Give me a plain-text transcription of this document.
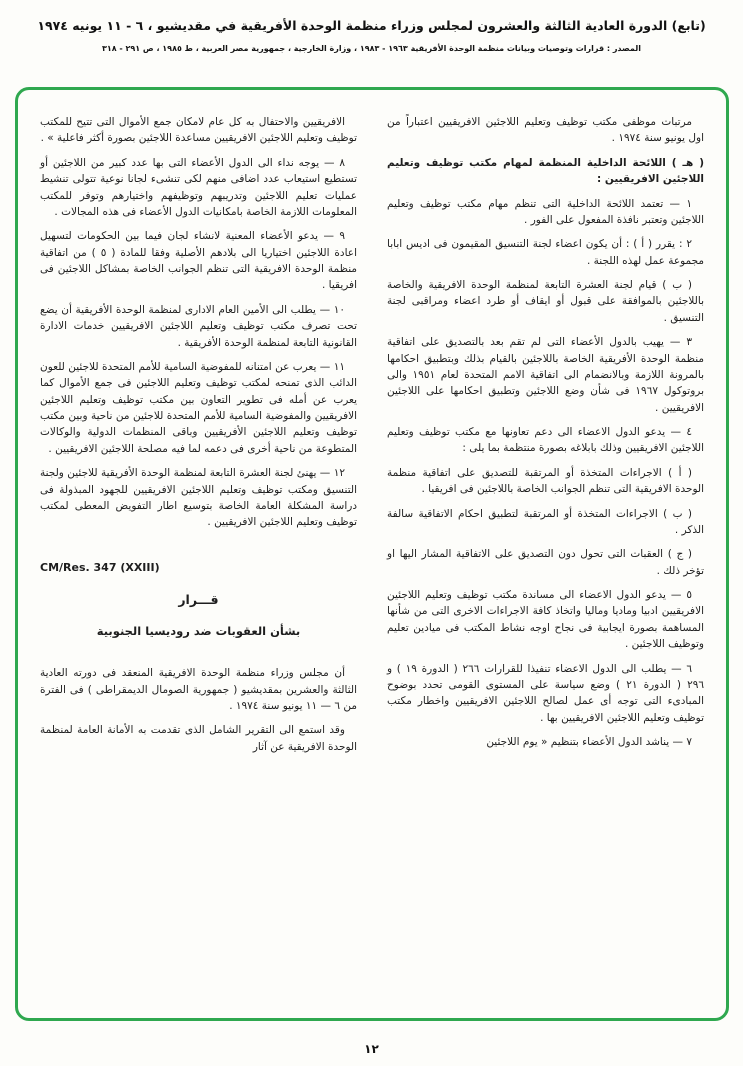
(تابع) الدورة العادية الثالثة والعشرون لمجلس وزراء منظمة الوحدة الأفريقية في مقديشيو ، ٦ - ١١ يونيه ١٩٧٤
المصدر : قرارات وتوصيات وبيانات منظمة الوحدة الأفريقية ١٩٦٣ - ١٩٨٣ ، وزارة الخارجية ، جمهورية مصر العربية ، ط ١٩٨٥ ، ص ٢٩١ - ٣١٨

مرتبات موظفى مكتب توظيف وتعليم اللاجئين الافريقيين اعتباراً من اول يونيو سنة ١٩٧٤ .

( هـ ) اللائحة الداخلية المنظمة لمهام مكتب توظيف وتعليم اللاجئين الافريقيين :

١ — تعتمد اللائحة الداخلية التى تنظم مهام مكتب توظيف وتعليم اللاجئين وتعتبر نافذة المفعول على الفور .

٢ : يقرر ( أ ) : أن يكون اعضاء لجنة التنسيق المقيمون فى اديس ابابا مجموعة عمل لهذه اللجنة .

( ب ) قيام لجنة العشرة التابعة لمنظمة الوحدة الافريقية والخاصة باللاجئين بالموافقة على قبول أو ايقاف أو طرد اعضاء ومراقبى لجنة التنسيق .

٣ — يهيب بالدول الأعضاء التى لم تقم بعد بالتصديق على اتفاقية منظمة الوحدة الأفريقية الخاصة باللاجئين بالقيام بذلك وبتطبيق احكامها بالمرونة اللازمة وبالانضمام الى اتفاقية الامم المتحدة لعام ١٩٥١ والى بروتوكول ١٩٦٧ فى شأن وضع اللاجئين وتطبيق احكامها على اللاجئين الافريقيين .

٤ — يدعو الدول الاعضاء الى دعم تعاونها مع مكتب توظيف وتعليم اللاجئين الافريقيين وذلك بابلاغه بصورة منتظمة بما يلى :

( أ ) الاجراءات المتخذة أو المرتقبة للتصديق على اتفاقية منظمة الوحدة الافريقية التى تنظم الجوانب الخاصة باللاجئين فى افريقيا .

( ب ) الاجراءات المتخذة أو المرتقبة لتطبيق احكام الاتفاقية سالفة الذكر .

( ج ) العقبات التى تحول دون التصديق على الاتفاقية المشار اليها او تؤخر ذلك .

٥ — يدعو الدول الاعضاء الى مساندة مكتب توظيف وتعليم اللاجئين الافريقيين ادبيا وماديا وماليا واتخاذ كافة الاجراءات الاخرى التى من شأنها المساهمة بصورة ايجابية فى نجاح اوجه نشاط المكتب فى ميادين تعليم وتوظيف اللاجئين .

٦ — يطلب الى الدول الاعضاء تنفيذا للقرارات ٢٦٦ ( الدورة ١٩ ) و ٢٩٦ ( الدورة ٢١ ) وضع سياسة على المستوى القومى تحدد بوضوح المبادىء التى توجه أى عمل لصالح اللاجئين الافريقيين واخطار مكتب توظيف وتعليم اللاجئين الافريقيين بها .

٧ — يناشد الدول الأعضاء بتنظيم « يوم اللاجئين

الافريقيين والاحتفال به كل عام لامكان جمع الأموال التى تتيح للمكتب توظيف وتعليم اللاجئين الافريقيين مساعدة اللاجئين بصورة أكثر فاعلية » .

٨ — يوجه نداء الى الدول الأعضاء التى بها عدد كبير من اللاجئين أو تستطيع استيعاب عدد اضافى منهم لكى تنشىء لجانا نوعية تتولى تنشيط عمليات تعليم اللاجئين وتدريبهم وتوظيفهم واختيارهم وتوفر للمكتب المعلومات اللازمة الخاصة بامكانيات الدول الأعضاء فى هذه المجالات .

٩ — يدعو الأعضاء المعنية لانشاء لجان فيما بين الحكومات لتسهيل اعادة اللاجئين اختياريا الى بلادهم الأصلية وفقا للمادة ( ٥ ) من اتفاقية منظمة الوحدة الافريقية التى تنظم الجوانب الخاصة بمشاكل اللاجئين فى افريقيا .

١٠ — يطلب الى الأمين العام الادارى لمنظمة الوحدة الأفريقية أن يضع تحت تصرف مكتب توظيف وتعليم اللاجئين الافريقيين خدمات الادارة القانونية التابعة لمنظمة الوحدة الأفريقية .

١١ — يعرب عن امتنانه للمفوضية السامية للأمم المتحدة للاجئين للعون الدائب الذى تمنحه لمكتب توظيف وتعليم اللاجئين فى جمع الأموال كما يعرب عن أمله فى تطوير التعاون بين مكتب توظيف وتعليم اللاجئين الافريقيين والمفوضية السامية للأمم المتحدة للاجئين من ناحية وبين مكتب توظيف وتعليم اللاجئين الأفريقيين وباقى المنظمات الدولية والوكالات المتطوعة من ناحية أخرى فى دعمه لما فيه مصلحة اللاجئين الافريقيين .

١٢ — يهنئ لجنة العشرة التابعة لمنظمة الوحدة الأفريقية للاجئين ولجنة التنسيق ومكتب توظيف وتعليم اللاجئين الافريقيين للجهود المبذولة فى دراسة المشكلة العامة الخاصة بتوسيع اطار التفويض المعطى لمكتب توظيف وتعليم اللاجئين الافريقيين .

CM/Res. 347 (XXIII)

قـــرار

بشأن العقوبات ضد روديسيا الجنوبية

أن مجلس وزراء منظمة الوحدة الافريقية المنعقد فى دورته العادية الثالثة والعشرين بمقديشيو ( جمهورية الصومال الديمقراطى ) فى الفترة من ٦ — ١١ يونيو سنة ١٩٧٤ .

وقد استمع الى التقرير الشامل الذى تقدمت به الأمانة العامة لمنظمة الوحدة الافريقية عن آثار

١٢
